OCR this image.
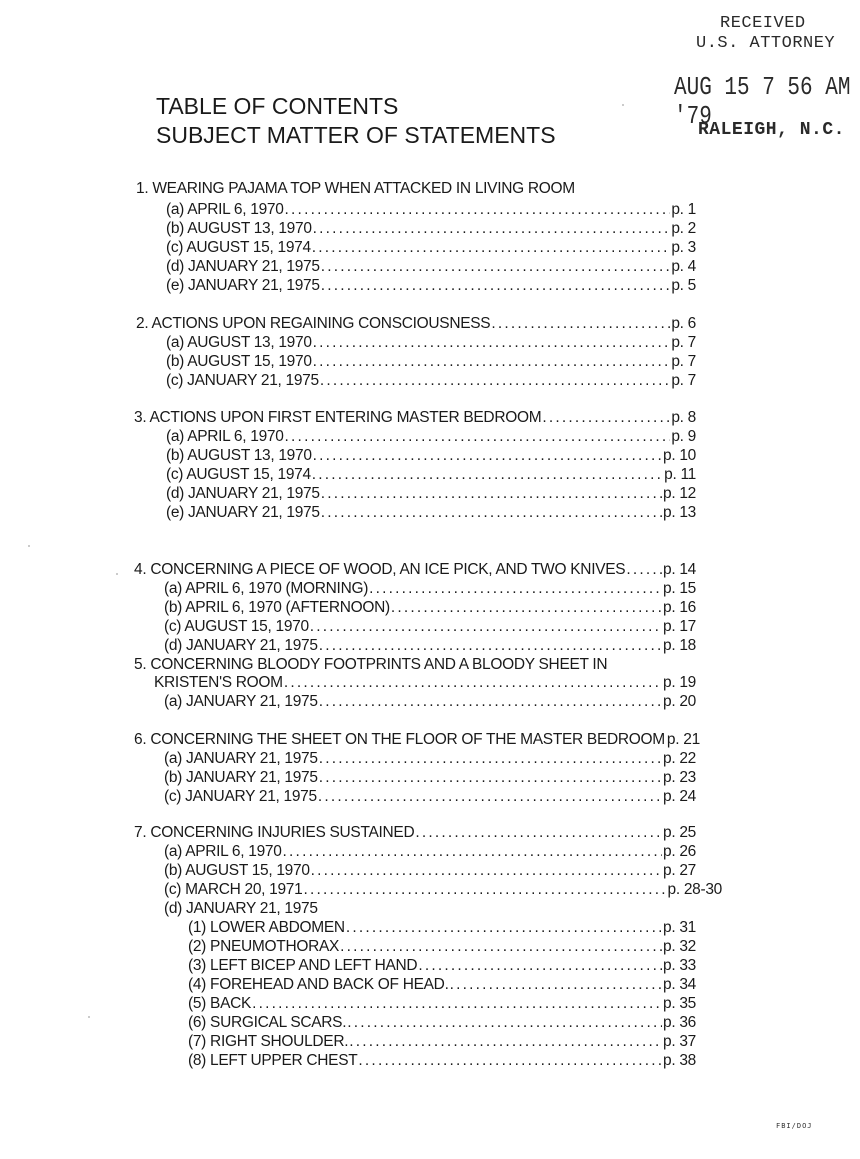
RECEIVED
U.S. ATTORNEY
AUG 15 7 56 AM '79
RALEIGH, N.C.
TABLE OF CONTENTS
SUBJECT MATTER OF STATEMENTS
1. WEARING PAJAMA TOP WHEN ATTACKED IN LIVING ROOM
(a) APRIL 6, 1970 .....	p. 1
(b) AUGUST 13, 1970 .....	p. 2
(c) AUGUST 15, 1974 .....	p. 3
(d) JANUARY 21, 1975 .....	p. 4
(e) JANUARY 21, 1975 .....	p. 5
2. ACTIONS UPON REGAINING CONSCIOUSNESS .....	p. 6
(a) AUGUST 13, 1970 .....	p. 7
(b) AUGUST 15, 1970 .....	p. 7
(c) JANUARY 21, 1975 .....	p. 7
3. ACTIONS UPON FIRST ENTERING MASTER BEDROOM .....	p. 8
(a) APRIL 6, 1970 .....	p. 9
(b) AUGUST 13, 1970 .....	p. 10
(c) AUGUST 15, 1974 .....	p. 11
(d) JANUARY 21, 1975 .....	p. 12
(e) JANUARY 21, 1975 .....	p. 13
4. CONCERNING A PIECE OF WOOD, AN ICE PICK, AND TWO KNIVES ..... p. 14
(a) APRIL 6, 1970 (MORNING) .....	p. 15
(b) APRIL 6, 1970 (AFTERNOON) .....	p. 16
(c) AUGUST 15, 1970 .....	p. 17
(d) JANUARY 21, 1975 .....	p. 18
5. CONCERNING BLOODY FOOTPRINTS AND A BLOODY SHEET IN
KRISTEN'S ROOM .....	p. 19
(a) JANUARY 21, 1975 .....	p. 20
6. CONCERNING THE SHEET ON THE FLOOR OF THE MASTER BEDROOM p. 21
(a) JANUARY 21, 1975 .....	p. 22
(b) JANUARY 21, 1975 .....	p. 23
(c) JANUARY 21, 1975 .....	p. 24
7. CONCERNING INJURIES SUSTAINED .....	p. 25
(a) APRIL 6, 1970 .....	p. 26
(b) AUGUST 15, 1970 .....	p. 27
(c) MARCH 20, 1971 .....	p. 28-30
(d) JANUARY 21, 1975
(1) LOWER ABDOMEN .....	p. 31
(2) PNEUMOTHORAX .....	p. 32
(3) LEFT BICEP AND LEFT HAND .....	p. 33
(4) FOREHEAD AND BACK OF HEAD. .....	p. 34
(5) BACK .....	p. 35
(6) SURGICAL SCARS. .....	p. 36
(7) RIGHT SHOULDER. .....	p. 37
(8) LEFT UPPER CHEST .....	p. 38
FBI/DOJ
